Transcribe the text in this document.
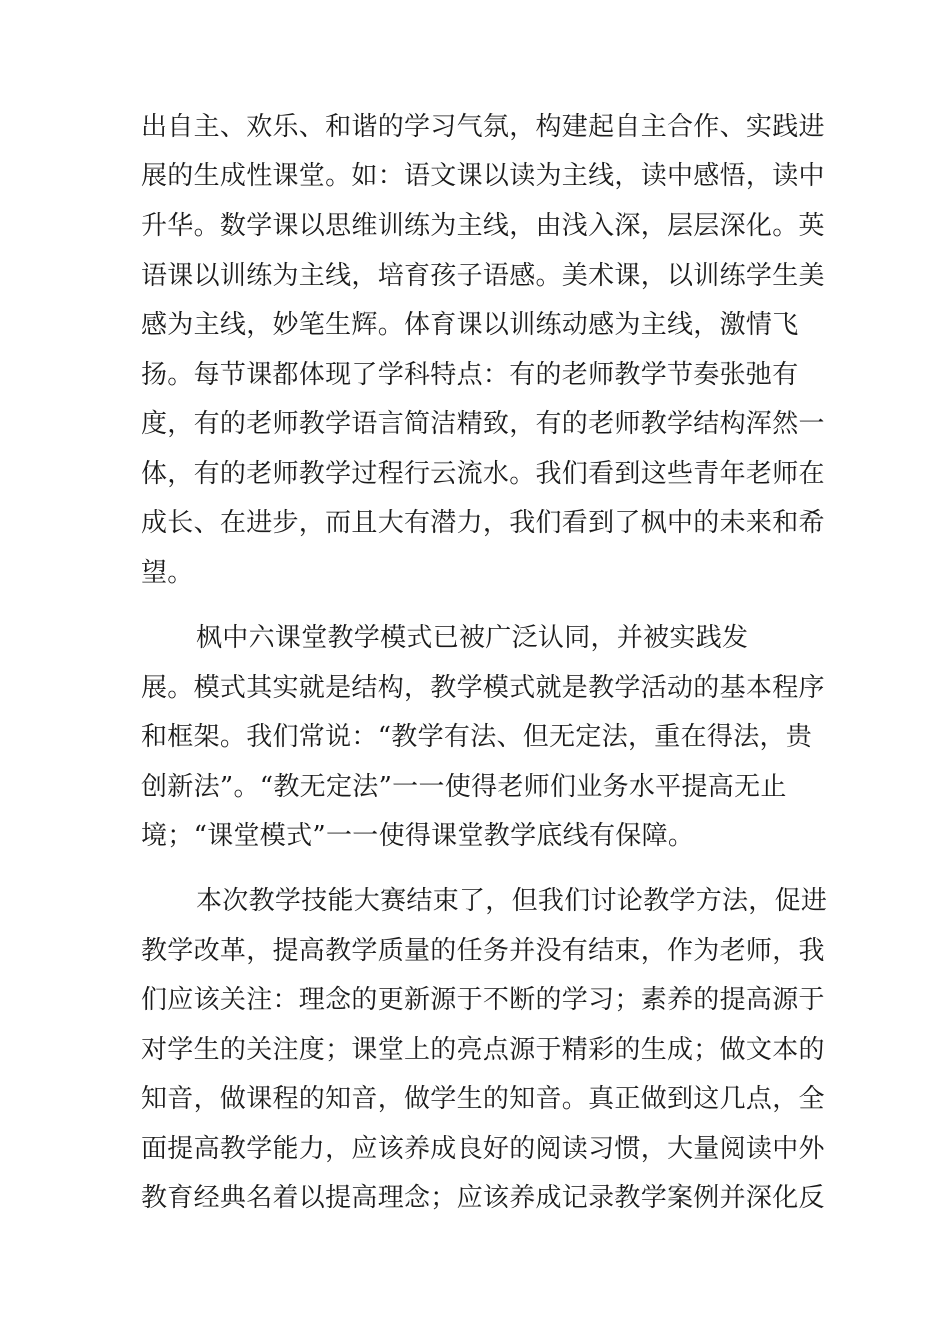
出自主、欢乐、和谐的学习气氛，构建起自主合作、实践进
展的生成性课堂。如：语文课以读为主线，读中感悟，读中
升华。数学课以思维训练为主线，由浅入深，层层深化。英
语课以训练为主线，培育孩子语感。美术课，以训练学生美
感为主线，妙笔生辉。体育课以训练动感为主线，激情飞
扬。每节课都体现了学科特点：有的老师教学节奏张弛有
度，有的老师教学语言简洁精致，有的老师教学结构浑然一
体，有的老师教学过程行云流水。我们看到这些青年老师在
成长、在进步，而且大有潜力，我们看到了枫中的未来和希
望。
枫中六课堂教学模式已被广泛认同，并被实践发
展。模式其实就是结构，教学模式就是教学活动的基本程序
和框架。我们常说：“教学有法、但无定法，重在得法，贵
创新法”。“教无定法”一一使得老师们业务水平提高无止
境；“课堂模式”一一使得课堂教学底线有保障。
本次教学技能大赛结束了，但我们讨论教学方法，促进
教学改革，提高教学质量的任务并没有结束，作为老师，我
们应该关注：理念的更新源于不断的学习；素养的提高源于
对学生的关注度；课堂上的亮点源于精彩的生成；做文本的
知音，做课程的知音，做学生的知音。真正做到这几点，全
面提高教学能力，应该养成良好的阅读习惯，大量阅读中外
教育经典名着以提高理念；应该养成记录教学案例并深化反
